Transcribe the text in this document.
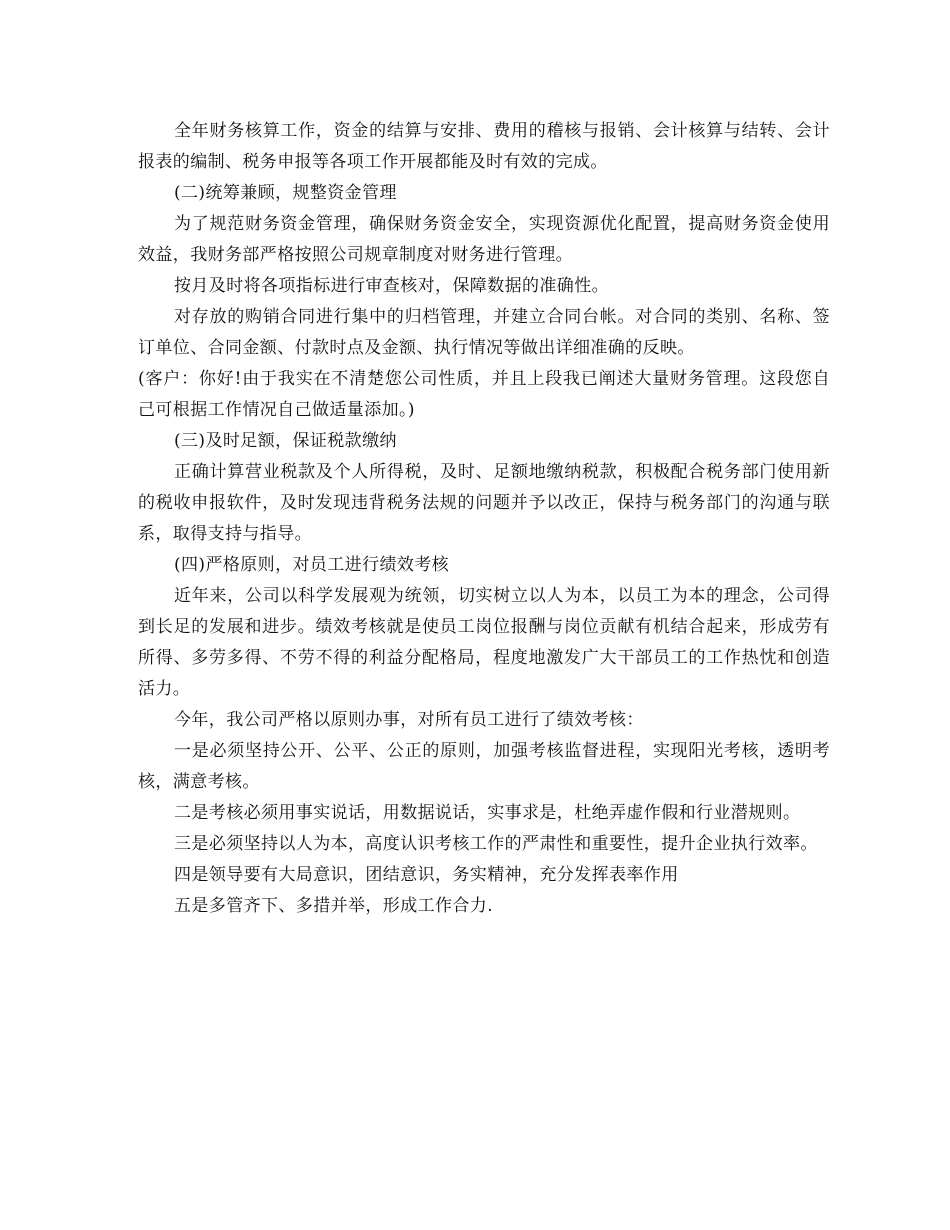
全年财务核算工作，资金的结算与安排、费用的稽核与报销、会计核算与结转、会计报表的编制、税务申报等各项工作开展都能及时有效的完成。

(二)统筹兼顾，规整资金管理

为了规范财务资金管理，确保财务资金安全，实现资源优化配置，提高财务资金使用效益，我财务部严格按照公司规章制度对财务进行管理。

按月及时将各项指标进行审查核对，保障数据的准确性。

对存放的购销合同进行集中的归档管理，并建立合同台帐。对合同的类别、名称、签订单位、合同金额、付款时点及金额、执行情况等做出详细准确的反映。

(客户：你好!由于我实在不清楚您公司性质，并且上段我已阐述大量财务管理。这段您自己可根据工作情况自己做适量添加。)

(三)及时足额，保证税款缴纳

正确计算营业税款及个人所得税，及时、足额地缴纳税款，积极配合税务部门使用新的税收申报软件，及时发现违背税务法规的问题并予以改正，保持与税务部门的沟通与联系，取得支持与指导。

(四)严格原则，对员工进行绩效考核

近年来，公司以科学发展观为统领，切实树立以人为本，以员工为本的理念，公司得到长足的发展和进步。绩效考核就是使员工岗位报酬与岗位贡献有机结合起来，形成劳有所得、多劳多得、不劳不得的利益分配格局，程度地激发广大干部员工的工作热忱和创造活力。

今年，我公司严格以原则办事，对所有员工进行了绩效考核：

一是必须坚持公开、公平、公正的原则，加强考核监督进程，实现阳光考核，透明考核，满意考核。

二是考核必须用事实说话，用数据说话，实事求是，杜绝弄虚作假和行业潜规则。

三是必须坚持以人为本，高度认识考核工作的严肃性和重要性，提升企业执行效率。

四是领导要有大局意识，团结意识，务实精神，充分发挥表率作用

五是多管齐下、多措并举，形成工作合力.
